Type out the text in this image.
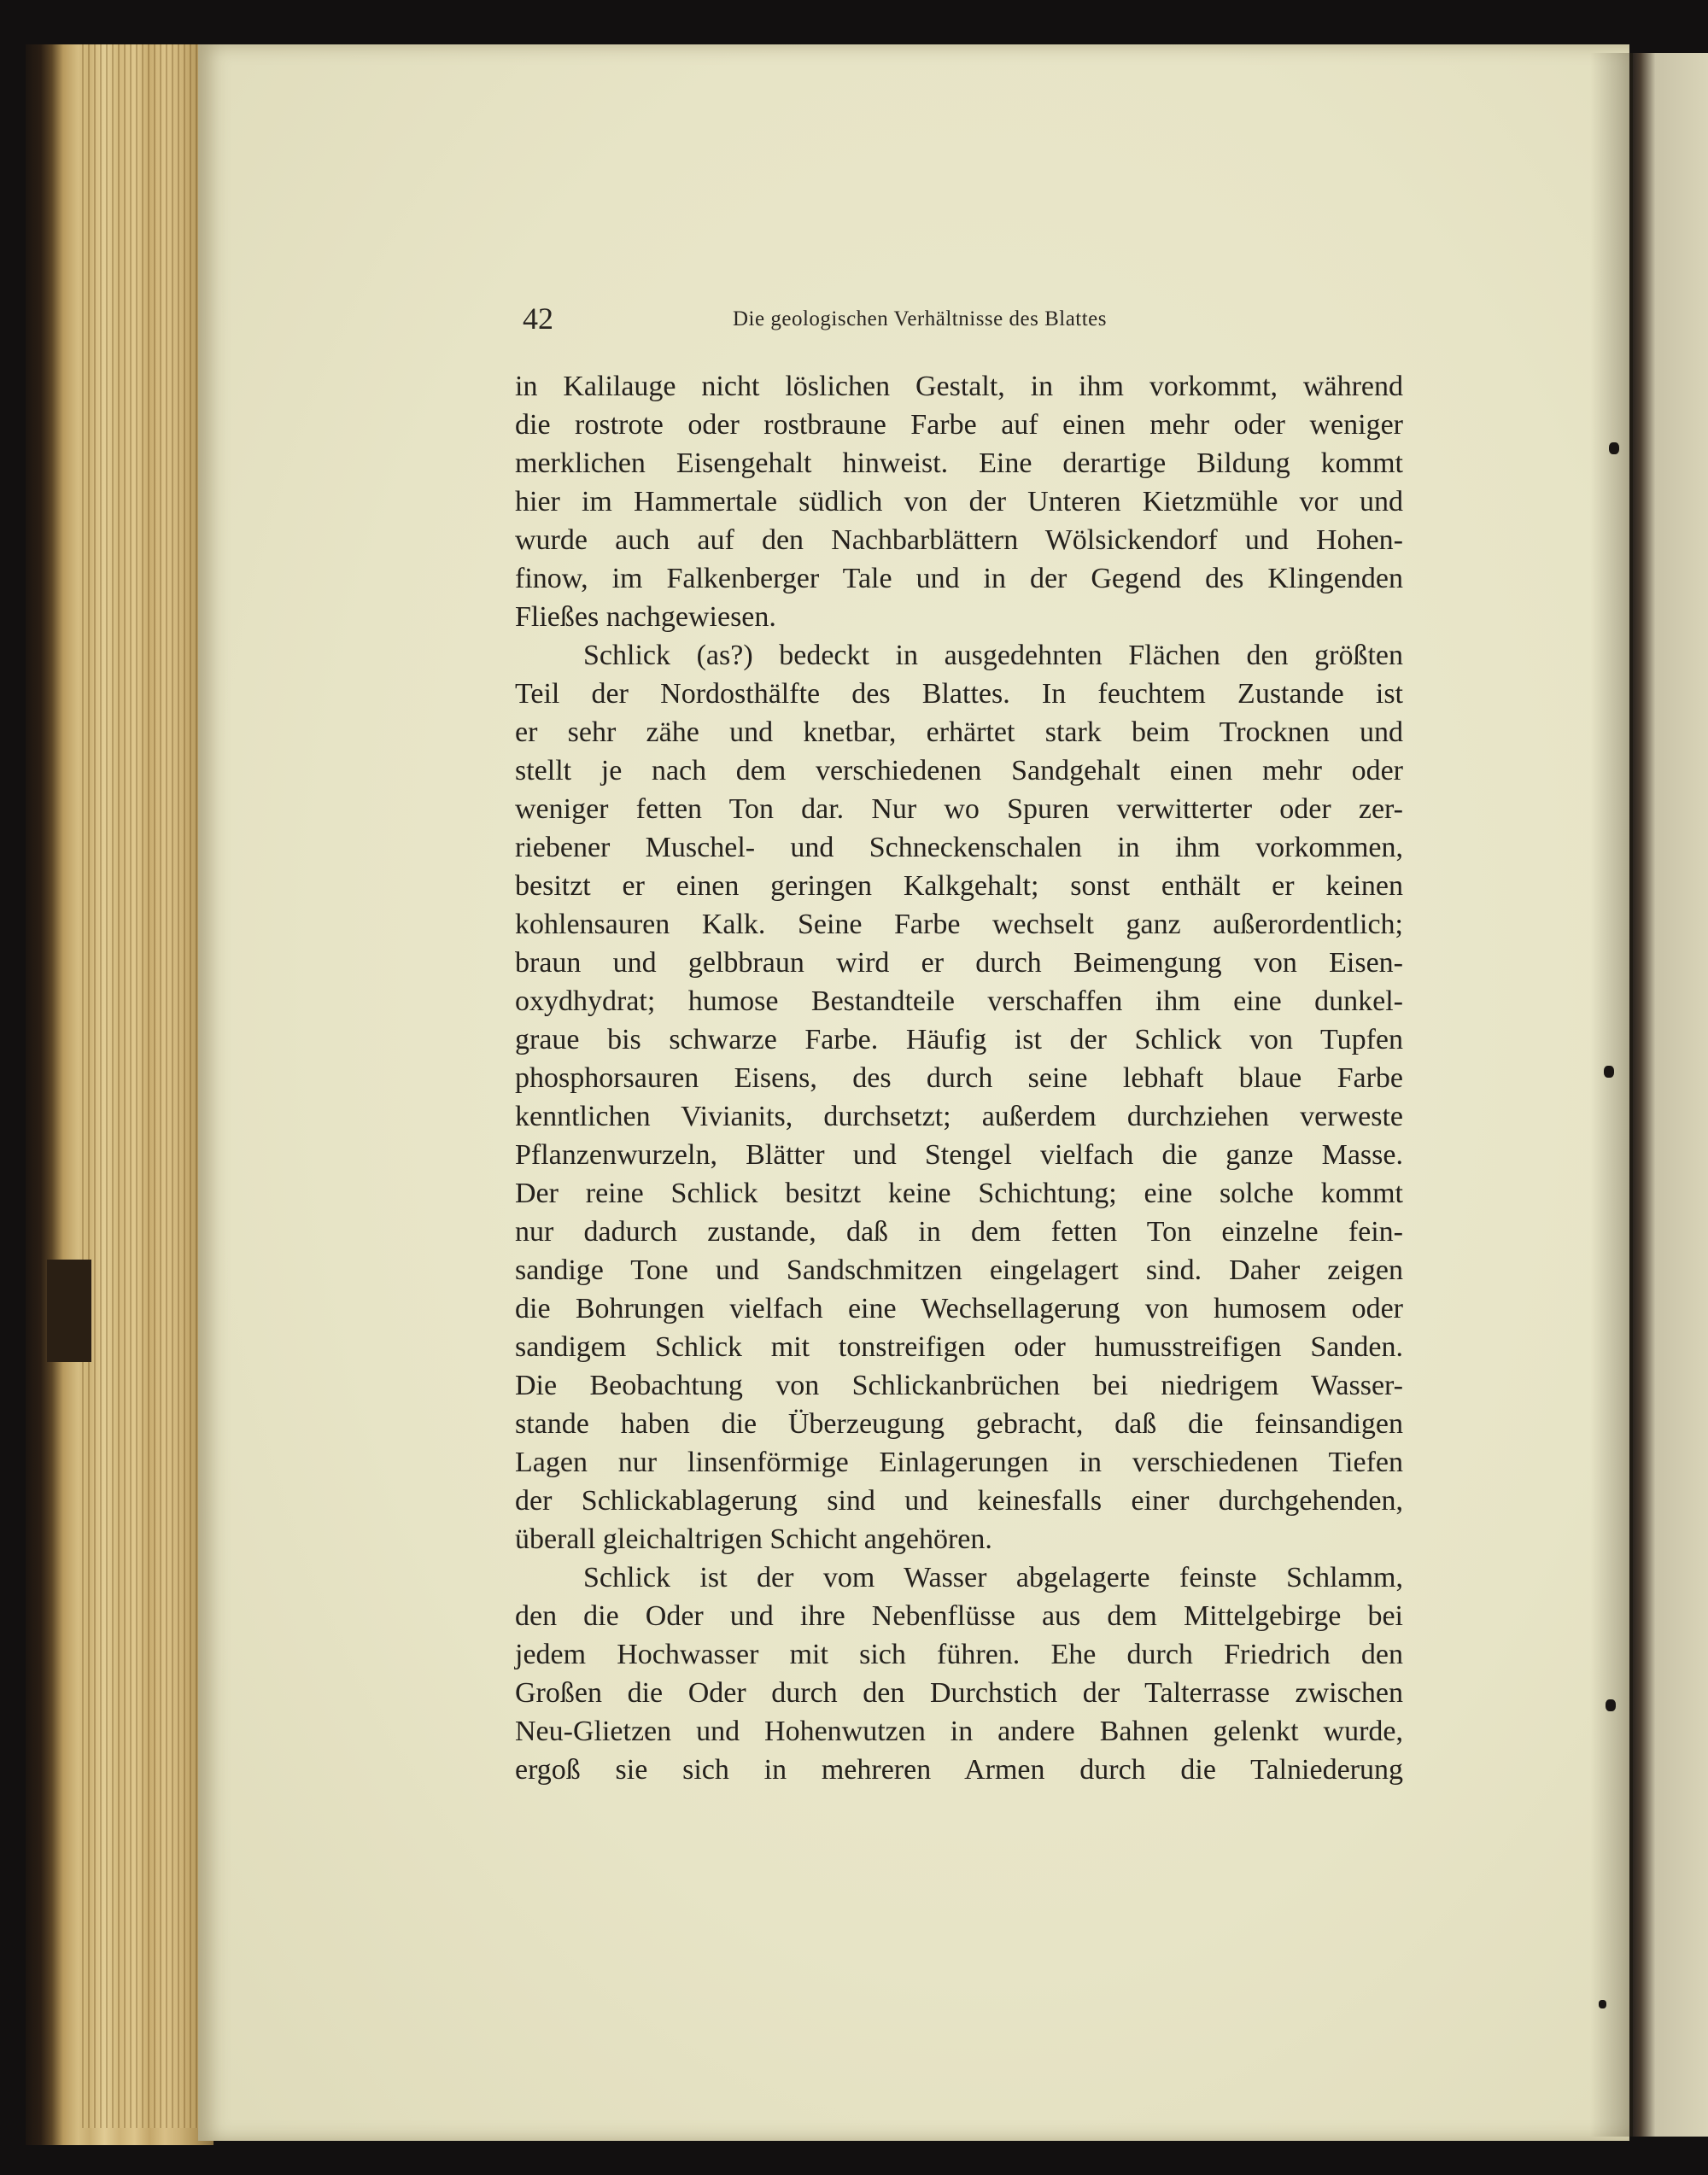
42	Die geologischen Verhältnisse des Blattes
in Kalilauge nicht löslichen Gestalt, in ihm vorkommt, während
die rostrote oder rostbraune Farbe auf einen mehr oder weniger
merklichen Eisengehalt hinweist. Eine derartige Bildung kommt
hier im Hammertale südlich von der Unteren Kietzmühle vor und
wurde auch auf den Nachbarblättern Wölsickendorf und Hohen-
finow, im Falkenberger Tale und in der Gegend des Klingenden
Fließes nachgewiesen.
Schlick (as?) bedeckt in ausgedehnten Flächen den größten
Teil der Nordosthälfte des Blattes. In feuchtem Zustande ist
er sehr zähe und knetbar, erhärtet stark beim Trocknen und
stellt je nach dem verschiedenen Sandgehalt einen mehr oder
weniger fetten Ton dar. Nur wo Spuren verwitterter oder zer-
riebener Muschel- und Schneckenschalen in ihm vorkommen,
besitzt er einen geringen Kalkgehalt; sonst enthält er keinen
kohlensauren Kalk. Seine Farbe wechselt ganz außerordentlich;
braun und gelbbraun wird er durch Beimengung von Eisen-
oxydhydrat; humose Bestandteile verschaffen ihm eine dunkel-
graue bis schwarze Farbe. Häufig ist der Schlick von Tupfen
phosphorsauren Eisens, des durch seine lebhaft blaue Farbe
kenntlichen Vivianits, durchsetzt; außerdem durchziehen verweste
Pflanzenwurzeln, Blätter und Stengel vielfach die ganze Masse.
Der reine Schlick besitzt keine Schichtung; eine solche kommt
nur dadurch zustande, daß in dem fetten Ton einzelne fein-
sandige Tone und Sandschmitzen eingelagert sind. Daher zeigen
die Bohrungen vielfach eine Wechsellagerung von humosem oder
sandigem Schlick mit tonstreifigen oder humusstreifigen Sanden.
Die Beobachtung von Schlickanbrüchen bei niedrigem Wasser-
stande haben die Überzeugung gebracht, daß die feinsandigen
Lagen nur linsenförmige Einlagerungen in verschiedenen Tiefen
der Schlickablagerung sind und keinesfalls einer durchgehenden,
überall gleichaltrigen Schicht angehören.
Schlick ist der vom Wasser abgelagerte feinste Schlamm,
den die Oder und ihre Nebenflüsse aus dem Mittelgebirge bei
jedem Hochwasser mit sich führen. Ehe durch Friedrich den
Großen die Oder durch den Durchstich der Talterrasse zwischen
Neu-Glietzen und Hohenwutzen in andere Bahnen gelenkt wurde,
ergoß sie sich in mehreren Armen durch die Talniederung
